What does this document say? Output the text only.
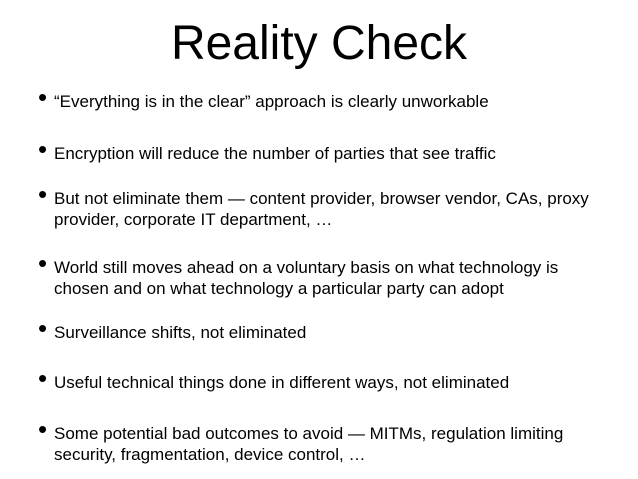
Reality Check
• “Everything is in the clear” approach is clearly unworkable
• Encryption will reduce the number of parties that see traffic
• But not eliminate them — content provider, browser vendor, CAs, proxy
provider, corporate IT department, …
• World still moves ahead on a voluntary basis on what technology is
chosen and on what technology a particular party can adopt
• Surveillance shifts, not eliminated
• Useful technical things done in different ways, not eliminated
• Some potential bad outcomes to avoid — MITMs, regulation limiting
security, fragmentation, device control, …
